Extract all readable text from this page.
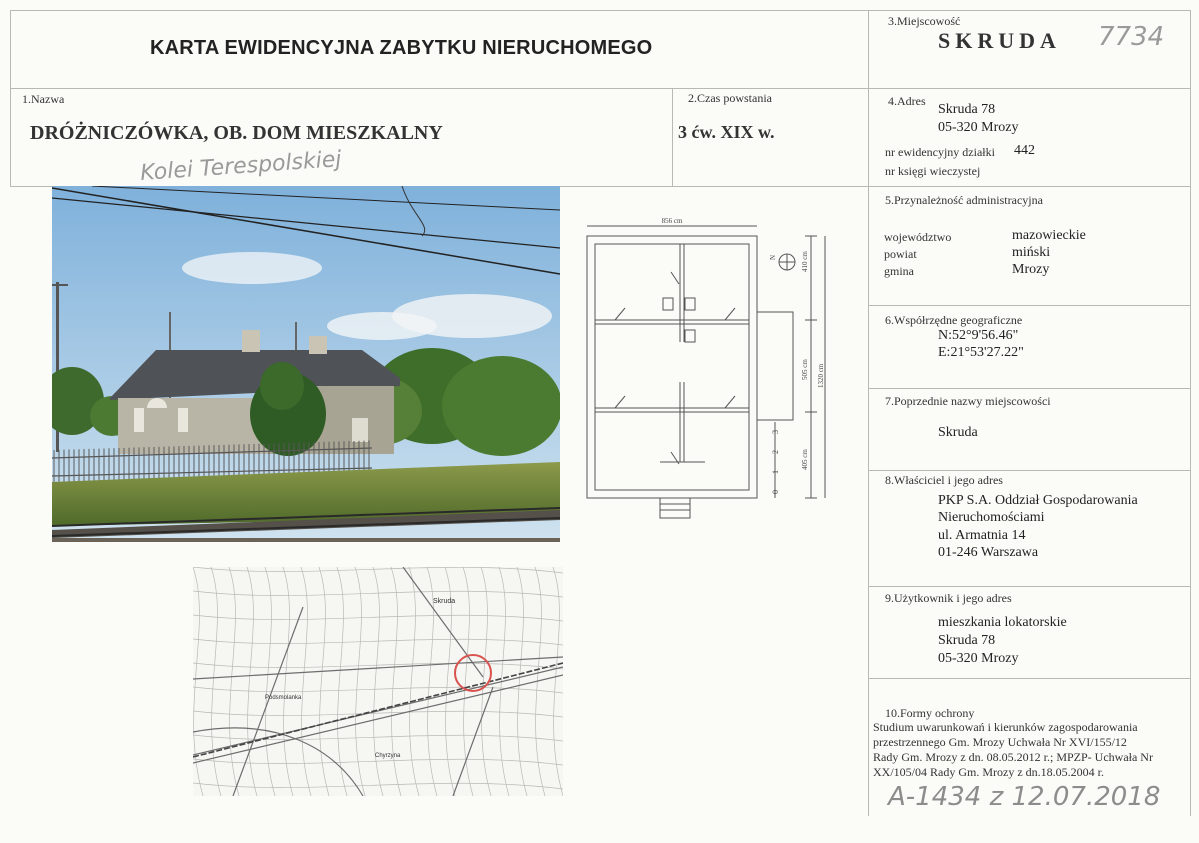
KARTA EWIDENCYJNA ZABYTKU NIERUCHOMEGO
3.Miejscowość
SKRUDA 7734
1.Nazwa
DRÓŻNICZÓWKA, OB. DOM MIESZKALNY
Kolei Terespolskiej
2.Czas powstania
3 ćw. XIX w.
4.Adres
Skruda 78
05-320 Mrozy
nr ewidencyjny działki 442
nr księgi wieczystej
5.Przynależność administracyjna
województwo	mazowieckie
powiat	miński
gmina	Mrozy
6.Współrzędne geograficzne
N:52°9'56.46"
E:21°53'27.22"
7.Poprzednie nazwy miejscowości
Skruda
8.Właściciel i jego adres
PKP S.A. Oddział Gospodarowania
Nieruchomościami
ul. Armatnia 14
01-246 Warszawa
9.Użytkownik i jego adres
mieszkania lokatorskie
Skruda 78
05-320 Mrozy
10.Formy ochrony
Studium uwarunkowań i kierunków zagospodarowania
przestrzennego Gm. Mrozy Uchwała Nr XVI/155/12
Rady Gm. Mrozy z dn. 08.05.2012 r.; MPZP- Uchwała Nr
XX/105/04 Rady Gm. Mrozy z dn.18.05.2004 r.
A-1434 z 12.07.2018
856 cm
410 cm
505 cm 1320 cm
405 cm
0
1
2
3
N
Skruda
Podsmolanka
Chyrzyna
